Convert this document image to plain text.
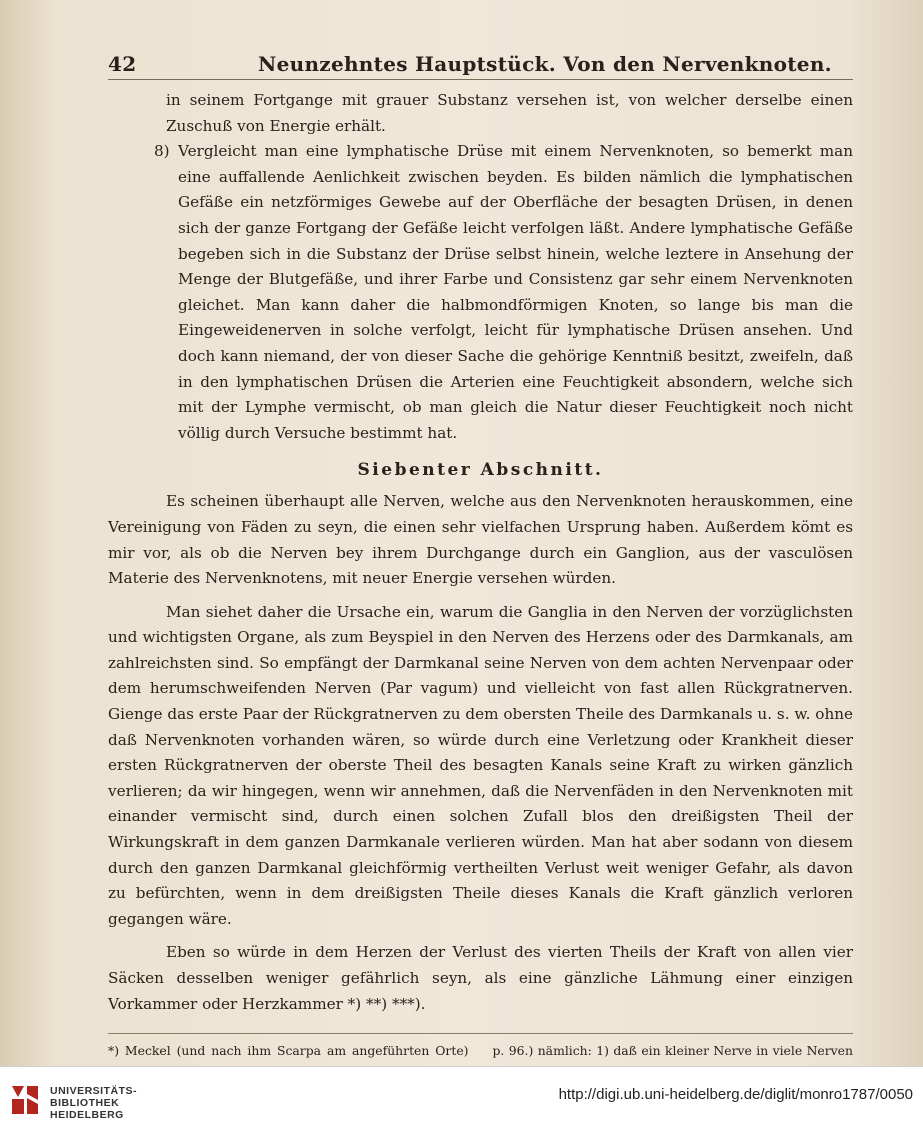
42	Neunzehntes Hauptstück. Von den Nervenknoten.

in seinem Fortgange mit grauer Substanz versehen ist, von welcher derselbe einen Zuschuß von Energie erhält.

8) Vergleicht man eine lymphatische Drüse mit einem Nervenknoten, so bemerkt man eine auffallende Aenlichkeit zwischen beyden. Es bilden nämlich die lymphatischen Gefäße ein netzförmiges Gewebe auf der Oberfläche der besagten Drüsen, in denen sich der ganze Fortgang der Gefäße leicht verfolgen läßt. Andere lymphatische Gefäße begeben sich in die Substanz der Drüse selbst hinein, welche leztere in Ansehung der Menge der Blutgefäße, und ihrer Farbe und Consistenz gar sehr einem Nervenknoten gleichet. Man kann daher die halbmondförmigen Knoten, so lange bis man die Eingeweidenerven in solche verfolgt, leicht für lymphatische Drüsen ansehen. Und doch kann niemand, der von dieser Sache die gehörige Kenntniß besitzt, zweifeln, daß in den lymphatischen Drüsen die Arterien eine Feuchtigkeit absondern, welche sich mit der Lymphe vermischt, ob man gleich die Natur dieser Feuchtigkeit noch nicht völlig durch Versuche bestimmt hat.

Siebenter Abschnitt.

Es scheinen überhaupt alle Nerven, welche aus den Nervenknoten herauskommen, eine Vereinigung von Fäden zu seyn, die einen sehr vielfachen Ursprung haben. Außerdem kömt es mir vor, als ob die Nerven bey ihrem Durchgange durch ein Ganglion, aus der vasculösen Materie des Nervenknotens, mit neuer Energie versehen würden.

Man siehet daher die Ursache ein, warum die Ganglia in den Nerven der vorzüglichsten und wichtigsten Organe, als zum Beyspiel in den Nerven des Herzens oder des Darmkanals, am zahlreichsten sind. So empfängt der Darmkanal seine Nerven von dem achten Nervenpaar oder dem herumschweifenden Nerven (Par vagum) und vielleicht von fast allen Rückgratnerven. Gienge das erste Paar der Rückgratnerven zu dem obersten Theile des Darmkanals u. s. w. ohne daß Nervenknoten vorhanden wären, so würde durch eine Verletzung oder Krankheit dieser ersten Rückgratnerven der oberste Theil des besagten Kanals seine Kraft zu wirken gänzlich verlieren; da wir hingegen, wenn wir annehmen, daß die Nervenfäden in den Nervenknoten mit einander vermischt sind, durch einen solchen Zufall blos den dreißigsten Theil der Wirkungskraft in dem ganzen Darmkanale verlieren würden. Man hat aber sodann von diesem durch den ganzen Darmkanal gleichförmig vertheilten Verlust weit weniger Gefahr, als davon zu befürchten, wenn in dem dreißigsten Theile dieses Kanals die Kraft gänzlich verloren gegangen wäre.

Eben so würde in dem Herzen der Verlust des vierten Theils der Kraft von allen vier Säcken desselben weniger gefährlich seyn, als eine gänzliche Lähmung einer einzigen Vorkammer oder Herzkammer *) **) ***).

*) Meckel (und nach ihm Scarpa am angeführten Orte) p. 96.) nämlich: 1) daß ein kleiner Nerve in viele Nerven
UNIVERSITÄTS-
BIBLIOTHEK
HEIDELBERG
http://digi.ub.uni-heidelberg.de/diglit/monro1787/0050
